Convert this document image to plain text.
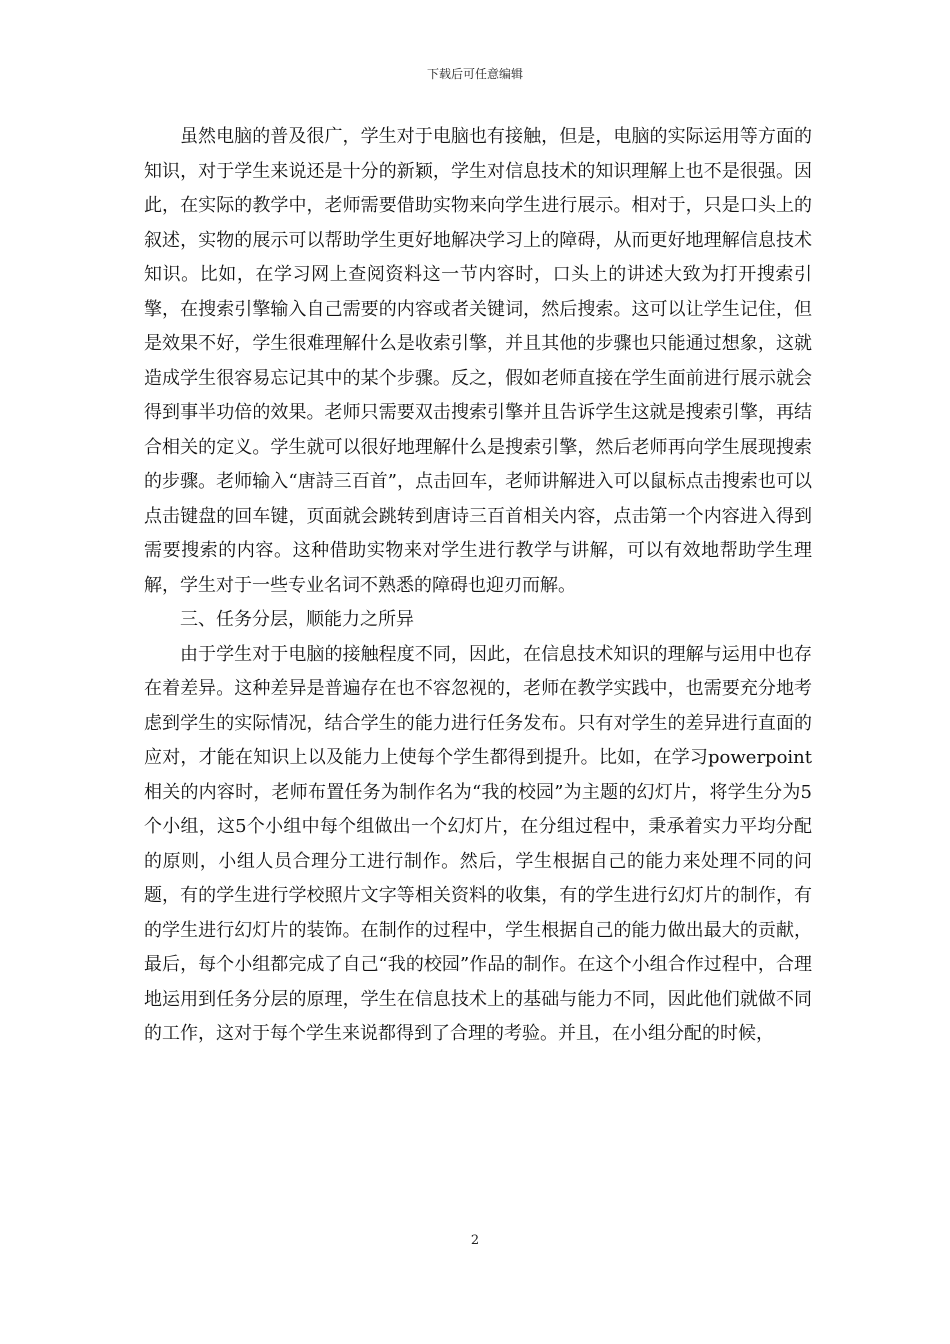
下载后可任意编辑

虽然电脑的普及很广，学生对于电脑也有接触，但是，电脑的实际运用等方面的知识，对于学生来说还是十分的新颖，学生对信息技术的知识理解上也不是很强。因此，在实际的教学中，老师需要借助实物来向学生进行展示。相对于，只是口头上的叙述，实物的展示可以帮助学生更好地解决学习上的障碍，从而更好地理解信息技术知识。比如，在学习网上查阅资料这一节内容时，口头上的讲述大致为打开搜索引擎，在搜索引擎输入自己需要的内容或者关键词，然后搜索。这可以让学生记住，但是效果不好，学生很难理解什么是收索引擎，并且其他的步骤也只能通过想象，这就造成学生很容易忘记其中的某个步骤。反之，假如老师直接在学生面前进行展示就会得到事半功倍的效果。老师只需要双击搜索引擎并且告诉学生这就是搜索引擎，再结合相关的定义。学生就可以很好地理解什么是搜索引擎，然后老师再向学生展现搜索的步骤。老师输入“唐詩三百首”，点击回车，老师讲解进入可以鼠标点击搜索也可以点击键盘的回车键，页面就会跳转到唐诗三百首相关内容，点击第一个内容进入得到需要搜索的内容。这种借助实物来对学生进行教学与讲解，可以有效地帮助学生理解，学生对于一些专业名词不熟悉的障碍也迎刃而解。

三、任务分层，顺能力之所异

由于学生对于电脑的接触程度不同，因此，在信息技术知识的理解与运用中也存在着差异。这种差异是普遍存在也不容忽视的，老师在教学实践中，也需要充分地考虑到学生的实际情况，结合学生的能力进行任务发布。只有对学生的差异进行直面的应对，才能在知识上以及能力上使每个学生都得到提升。比如，在学习powerpoint相关的内容时，老师布置任务为制作名为“我的校园”为主题的幻灯片，将学生分为5个小组，这5个小组中每个组做出一个幻灯片，在分组过程中，秉承着实力平均分配的原则，小组人员合理分工进行制作。然后，学生根据自己的能力来处理不同的问题，有的学生进行学校照片文字等相关资料的收集，有的学生进行幻灯片的制作，有的学生进行幻灯片的装饰。在制作的过程中，学生根据自己的能力做出最大的贡献，最后，每个小组都完成了自己“我的校园”作品的制作。在这个小组合作过程中，合理地运用到任务分层的原理，学生在信息技术上的基础与能力不同，因此他们就做不同的工作，这对于每个学生来说都得到了合理的考验。并且，在小组分配的时候，

2
